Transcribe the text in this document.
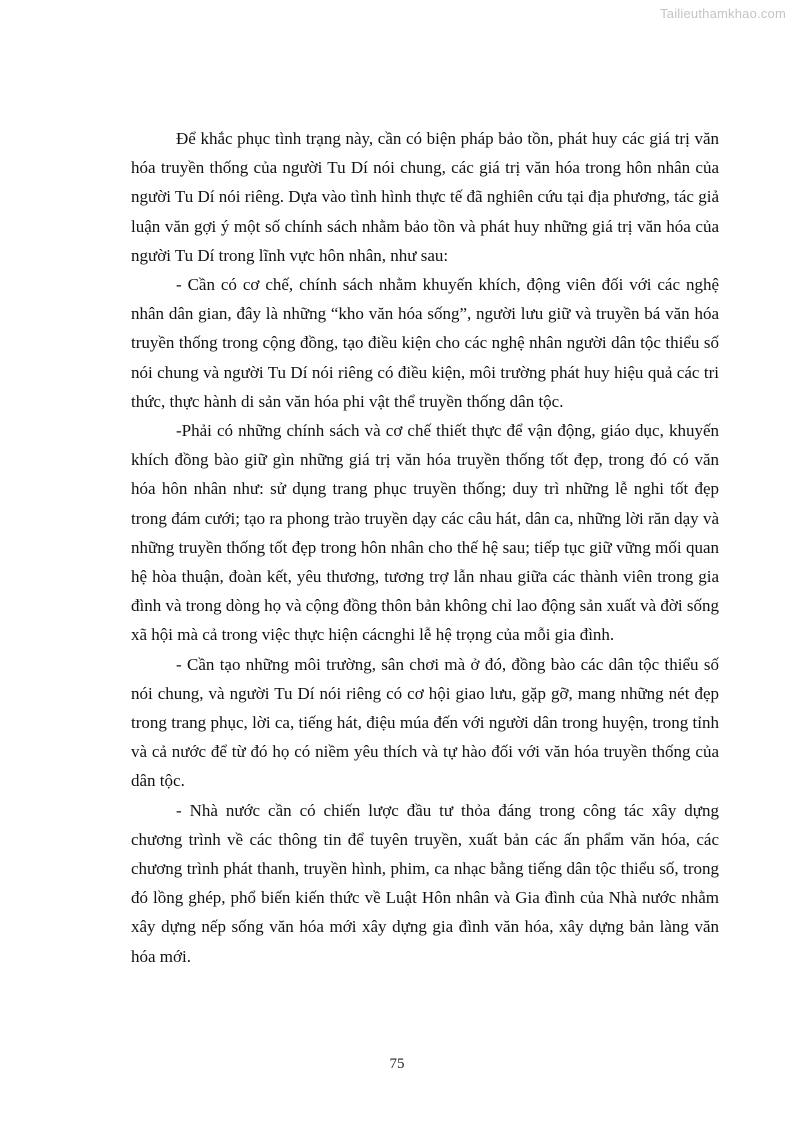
Tailieuthamkhao.com

Để khắc phục tình trạng này, cần có biện pháp bảo tồn, phát huy các giá trị văn hóa truyền thống của người Tu Dí nói chung, các giá trị văn hóa trong hôn nhân của người Tu Dí nói riêng. Dựa vào tình hình thực tế đã nghiên cứu tại địa phương, tác giả luận văn gợi ý một số chính sách nhằm bảo tồn và phát huy những giá trị văn hóa của người Tu Dí trong lĩnh vực hôn nhân, như sau:

- Cần có cơ chế, chính sách nhằm khuyến khích, động viên đối với các nghệ nhân dân gian, đây là những “kho văn hóa sống”, người lưu giữ và truyền bá văn hóa truyền thống trong cộng đồng, tạo điều kiện cho các nghệ nhân người dân tộc thiểu số nói chung và người Tu Dí nói riêng có điều kiện, môi trường phát huy hiệu quả các tri thức, thực hành di sản văn hóa phi vật thể truyền thống dân tộc.

-Phải có những chính sách và cơ chế thiết thực để vận động, giáo dục, khuyến khích đồng bào giữ gìn những giá trị văn hóa truyền thống tốt đẹp, trong đó có văn hóa hôn nhân như: sử dụng trang phục truyền thống; duy trì những lễ nghi tốt đẹp trong đám cưới; tạo ra phong trào truyền dạy các câu hát, dân ca, những lời răn dạy và những truyền thống tốt đẹp trong hôn nhân cho thế hệ sau; tiếp tục giữ vững mối quan hệ hòa thuận, đoàn kết, yêu thương, tương trợ lẫn nhau giữa các thành viên trong gia đình và trong dòng họ và cộng đồng thôn bản không chỉ lao động sản xuất và đời sống xã hội mà cả trong việc thực hiện cácnghi lễ hệ trọng của mỗi gia đình.

- Cần tạo những môi trường, sân chơi mà ở đó, đồng bào các dân tộc thiểu số nói chung, và người Tu Dí nói riêng có cơ hội giao lưu, gặp gỡ, mang những nét đẹp trong trang phục, lời ca, tiếng hát, điệu múa đến với người dân trong huyện, trong tỉnh và cả nước để từ đó họ có niềm yêu thích và tự hào đối với văn hóa truyền thống của dân tộc.

- Nhà nước cần có chiến lược đầu tư thỏa đáng trong công tác xây dựng chương trình về các thông tin để tuyên truyền, xuất bản các ấn phẩm văn hóa, các chương trình phát thanh, truyền hình, phim, ca nhạc bằng tiếng dân tộc thiểu số, trong đó lồng ghép, phổ biến kiến thức về Luật Hôn nhân và Gia đình của Nhà nước nhằm xây dựng nếp sống văn hóa mới xây dựng gia đình văn hóa, xây dựng bản làng văn hóa mới.

75
